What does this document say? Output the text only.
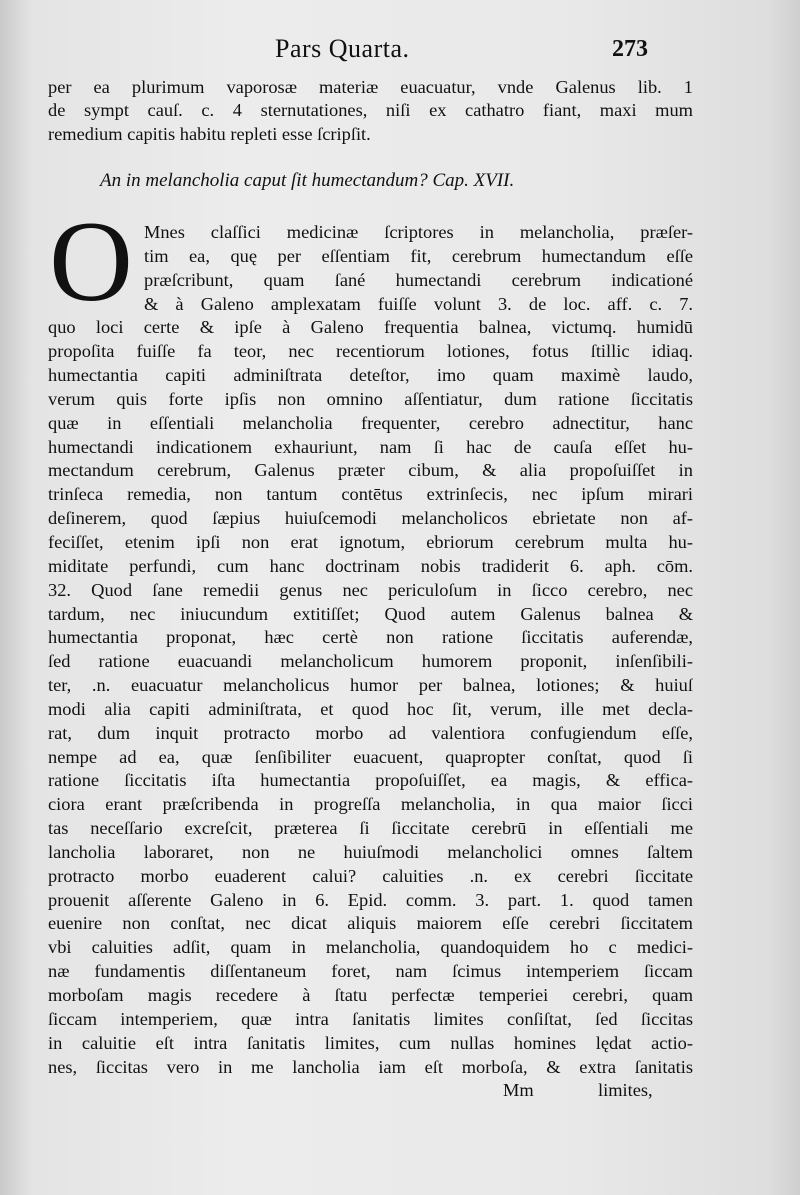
Pars Quarta.	273
per ea plurimum vaporosæ materiæ euacuatur, vnde Galenus lib. 1
de sympt cauſ. c. 4 sternutationes, niſi ex cathatro fiant, maxi mum
remedium capitis habitu repleti esse ſcripſit.
An in melancholia caput ſit humectandum? Cap. XVII.
O Mnes claſſici medicinæ ſcriptores in melancholia, præſer-
tim ea, quę per eſſentiam fit, cerebrum humectandum eſſe
præſcribunt, quam ſané humectandi cerebrum indicationé
& à Galeno amplexatam fuiſſe volunt 3. de loc. aff. c. 7.
quo loci certe & ipſe à Galeno frequentia balnea, victumq. humidū
propoſita fuiſſe fa teor, nec recentiorum lotiones, fotus ſtillic idiaq.
humectantia capiti adminiſtrata deteſtor, imo quam maximè laudo,
verum quis forte ipſis non omnino aſſentiatur, dum ratione ſiccitatis
quæ in eſſentiali melancholia frequenter, cerebro adnectitur, hanc
humectandi indicationem exhauriunt, nam ſi hac de cauſa eſſet hu-
mectandum cerebrum, Galenus præter cibum, & alia propoſuiſſet in
trinſeca remedia, non tantum contētus extrinſecis, nec ipſum mirari
deſinerem, quod ſæpius huiuſcemodi melancholicos ebrietate non af-
feciſſet, etenim ipſi non erat ignotum, ebriorum cerebrum multa hu-
miditate perfundi, cum hanc doctrinam nobis tradiderit 6. aph. cōm.
32. Quod ſane remedii genus nec periculoſum in ſicco cerebro, nec
tardum, nec iniucundum extitiſſet; Quod autem Galenus balnea &
humectantia proponat, hæc certè non ratione ſiccitatis auferendæ,
ſed ratione euacuandi melancholicum humorem proponit, inſenſibili-
ter, .n. euacuatur melancholicus humor per balnea, lotiones; & huiuſ
modi alia capiti adminiſtrata, et quod hoc ſit, verum, ille met decla-
rat, dum inquit protracto morbo ad valentiora confugiendum eſſe,
nempe ad ea, quæ ſenſibiliter euacuent, quapropter conſtat, quod ſi
ratione ſiccitatis iſta humectantia propoſuiſſet, ea magis, & effica-
ciora erant præſcribenda in progreſſa melancholia, in qua maior ſicci
tas neceſſario excreſcit, præterea ſi ſiccitate cerebrū in eſſentiali me
lancholia laboraret, non ne huiuſmodi melancholici omnes ſaltem
protracto morbo euaderent calui? caluities .n. ex cerebri ſiccitate
prouenit aſſerente Galeno in 6. Epid. comm. 3. part. 1. quod tamen
euenire non conſtat, nec dicat aliquis maiorem eſſe cerebri ſiccitatem
vbi caluities adſit, quam in melancholia, quandoquidem ho c medici-
næ fundamentis diſſentaneum foret, nam ſcimus intemperiem ſiccam
morboſam magis recedere à ſtatu perfectæ temperiei cerebri, quam
ſiccam intemperiem, quæ intra ſanitatis limites conſiſtat, ſed ſiccitas
in caluitie eſt intra ſanitatis limites, cum nullas homines lędat actio-
nes, ſiccitas vero in me lancholia iam eſt morboſa, & extra ſanitatis
Mm	limites,
